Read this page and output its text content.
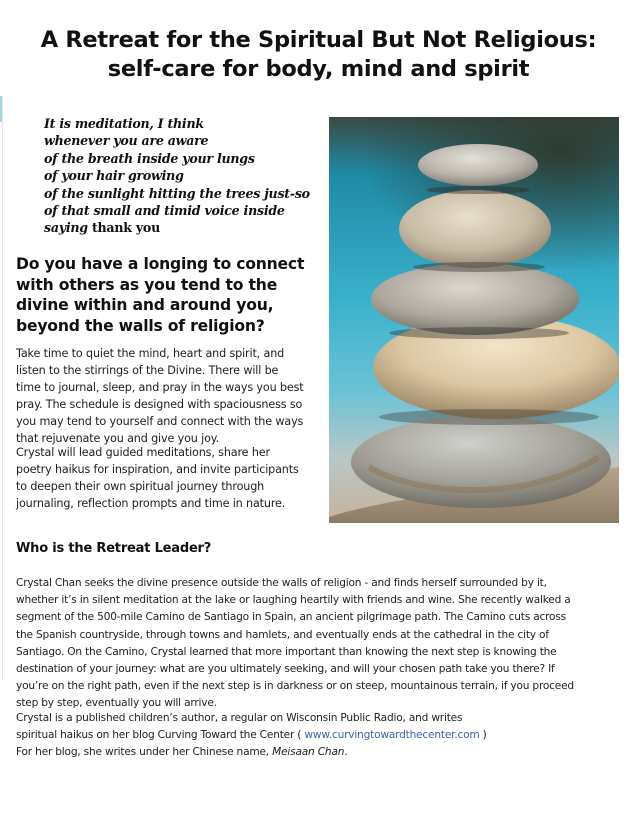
A Retreat for the Spiritual But Not Religious:
self-care for body, mind and spirit
It is meditation, I think
whenever you are aware
of the breath inside your lungs
of your hair growing
of the sunlight hitting the trees just-so
of that small and timid voice inside
saying thank you
Do you have a longing to connect
with others as you tend to the
divine within and around you,
beyond the walls of religion?
Take time to quiet the mind, heart and spirit, and
listen to the stirrings of the Divine. There will be
time to journal, sleep, and pray in the ways you best
pray. The schedule is designed with spaciousness so
you may tend to yourself and connect with the ways
that rejuvenate you and give you joy.
Crystal will lead guided meditations, share her
poetry haikus for inspiration, and invite participants
to deepen their own spiritual journey through
journaling, reflection prompts and time in nature.
Who is the Retreat Leader?
Crystal Chan seeks the divine presence outside the walls of religion - and finds herself surrounded by it,
whether it’s in silent meditation at the lake or laughing heartily with friends and wine. She recently walked a
segment of the 500-mile Camino de Santiago in Spain, an ancient pilgrimage path. The Camino cuts across
the Spanish countryside, through towns and hamlets, and eventually ends at the cathedral in the city of
Santiago. On the Camino, Crystal learned that more important than knowing the next step is knowing the
destination of your journey: what are you ultimately seeking, and will your chosen path take you there? If
you’re on the right path, even if the next step is in darkness or on steep, mountainous terrain, if you proceed
step by step, eventually you will arrive.
Crystal is a published children’s author, a regular on Wisconsin Public Radio, and writes
spiritual haikus on her blog Curving Toward the Center ( www.curvingtowardthecenter.com )
For her blog, she writes under her Chinese name, Meisaan Chan.
